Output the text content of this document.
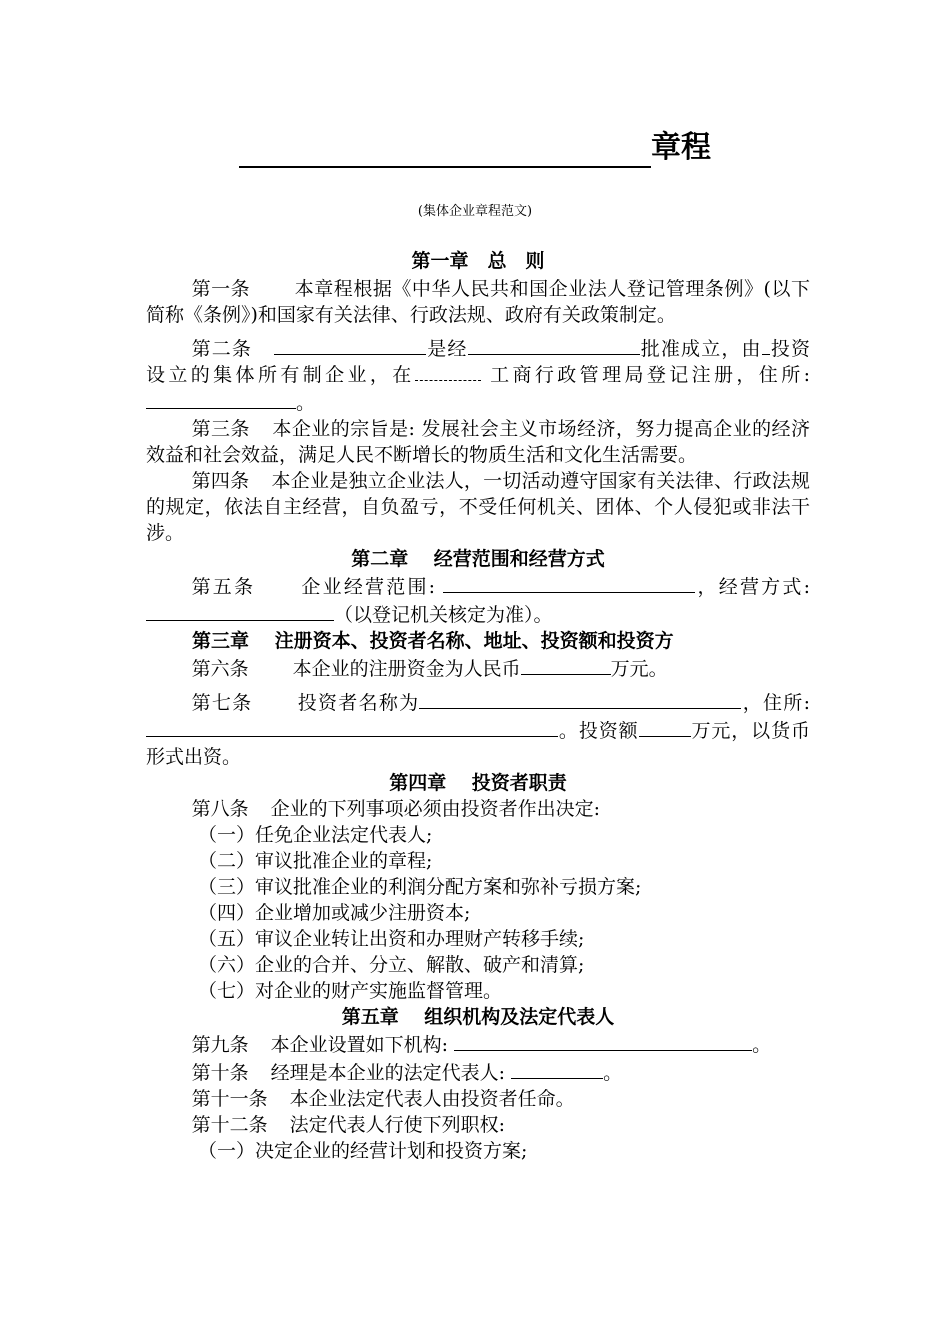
章程
(集体企业章程范文)
第一章　总　则

第一条 本章程根据《中华人民共和国企业法人登记管理条例》(以下简称《条例》)和国家有关法律、行政法规、政府有关政策制定。

第二条	是经	批准成立，由 投资设立的集体所有制企业，在	工商行政管理局登记注册，住所: 。

第三条 本企业的宗旨是: 发展社会主义市场经济，努力提高企业的经济效益和社会效益，满足人民不断增长的物质生活和文化生活需要。

第四条 本企业是独立企业法人，一切活动遵守国家有关法律、行政法规的规定，依法自主经营，自负盈亏，不受任何机关、团体、个人侵犯或非法干涉。

第二章　 经营范围和经营方式

第五条 企业经营范围:	，经营方式: （以登记机关核定为准）。

第三章　 注册资本、投资者名称、地址、投资额和投资方

第六条 本企业的注册资金为人民币	万元。

第七条 投资者名称为	，住所: 。投资额	万元，以货币形式出资。

第四章　 投资者职责

第八条 企业的下列事项必须由投资者作出决定:

（一）任免企业法定代表人;

（二）审议批准企业的章程;

（三）审议批准企业的利润分配方案和弥补亏损方案;

（四）企业增加或减少注册资本;

（五）审议企业转让出资和办理财产转移手续;

（六）企业的合并、分立、解散、破产和清算;

（七）对企业的财产实施监督管理。

第五章　 组织机构及法定代表人

第九条 本企业设置如下机构:	。

第十条 经理是本企业的法定代表人:	。

第十一条 本企业法定代表人由投资者任命。

第十二条 法定代表人行使下列职权:

（一）决定企业的经营计划和投资方案;
